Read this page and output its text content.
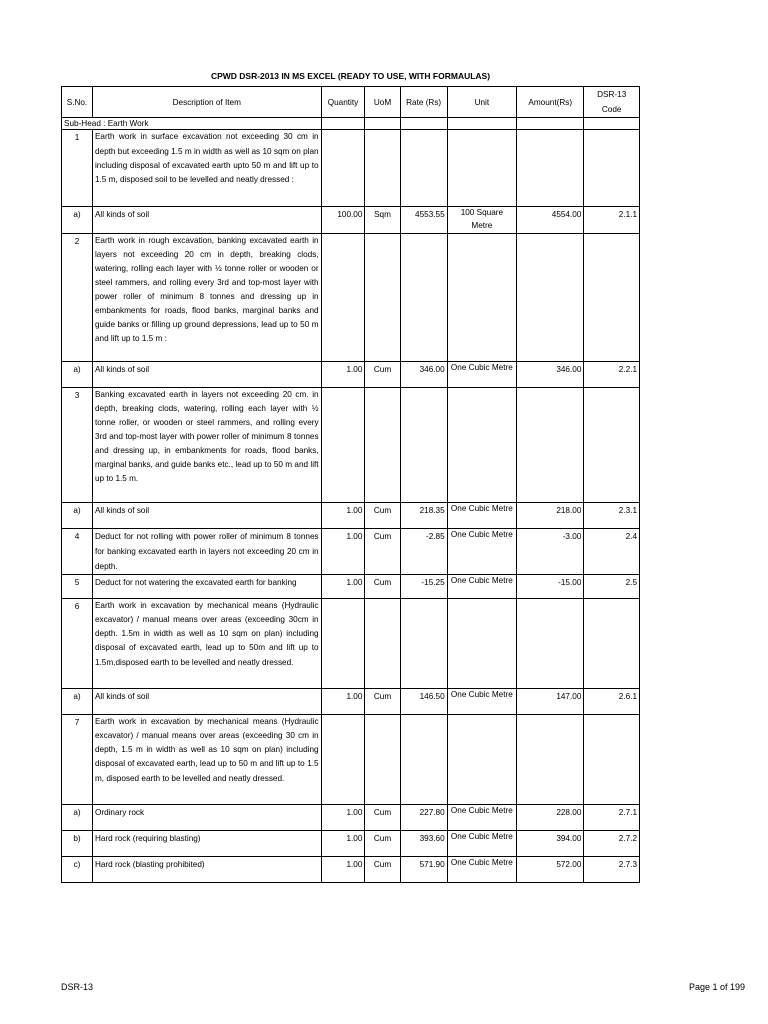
CPWD DSR-2013 IN MS EXCEL (READY TO USE, WITH FORMAULAS)
S.No.	Description of Item	Quantity	UoM	Rate (Rs)	Unit	Amount(Rs)	DSR-13 Code
Sub-Head : Earth Work							
1	Earth work in surface excavation not exceeding 30 cm in depth but exceeding 1.5 m in width as well as 10 sqm on plan including disposal of excavated earth upto 50 m and lift up to 1.5 m, disposed soil to be levelled and neatly dressed :						
a)	All kinds of soil	100.00	Sqm	4553.55	100 Square Metre	4554.00	2.1.1
2	Earth work in rough excavation, banking excavated earth in layers not exceeding 20 cm in depth, breaking clods, watering, rolling each layer with ½ tonne roller or wooden or steel rammers, and rolling every 3rd and top-most layer with power roller of minimum 8 tonnes and dressing up in embankments for roads, flood banks, marginal banks and guide banks or filling up ground depressions, lead up to 50 m and lift up to 1.5 m :						
a)	All kinds of soil	1.00	Cum	346.00	One Cubic Metre	346.00	2.2.1
3	Banking excavated earth in layers not exceeding 20 cm. in depth, breaking clods, watering, rolling each layer with ½ tonne roller, or wooden or steel rammers, and rolling every 3rd and top-most layer with power roller of minimum 8 tonnes and dressing up, in embankments for roads, flood banks, marginal banks, and guide banks etc., lead up to 50 m and lift up to 1.5 m.						
a)	All kinds of soil	1.00	Cum	218.35	One Cubic Metre	218.00	2.3.1
4	Deduct for not rolling with power roller of minimum 8 tonnes for banking excavated earth in layers not exceeding 20 cm in depth.	1.00	Cum	-2.85	One Cubic Metre	-3.00	2.4
5	Deduct for not watering the excavated earth for banking	1.00	Cum	-15.25	One Cubic Metre	-15.00	2.5
6	Earth work in excavation by mechanical means (Hydraulic excavator) / manual means over areas (exceeding 30cm in depth. 1.5m in width as well as 10 sqm on plan) including disposal of excavated earth, lead up to 50m and lift up to 1.5m,disposed earth to be levelled and neatly dressed.						
a)	All kinds of soil	1.00	Cum	146.50	One Cubic Metre	147.00	2.6.1
7	Earth work in excavation by mechanical means (Hydraulic excavator) / manual means over areas (exceeding 30 cm in depth, 1.5 m in width as well as 10 sqm on plan) including disposal of excavated earth, lead up to 50 m and lift up to 1.5 m, disposed earth to be levelled and neatly dressed.						
a)	Ordinary rock	1.00	Cum	227.80	One Cubic Metre	228.00	2.7.1
b)	Hard rock (requiring blasting)	1.00	Cum	393.60	One Cubic Metre	394.00	2.7.2
c)	Hard rock (blasting prohibited)	1.00	Cum	571.90	One Cubic Metre	572.00	2.7.3
DSR-13	Page 1 of 199
